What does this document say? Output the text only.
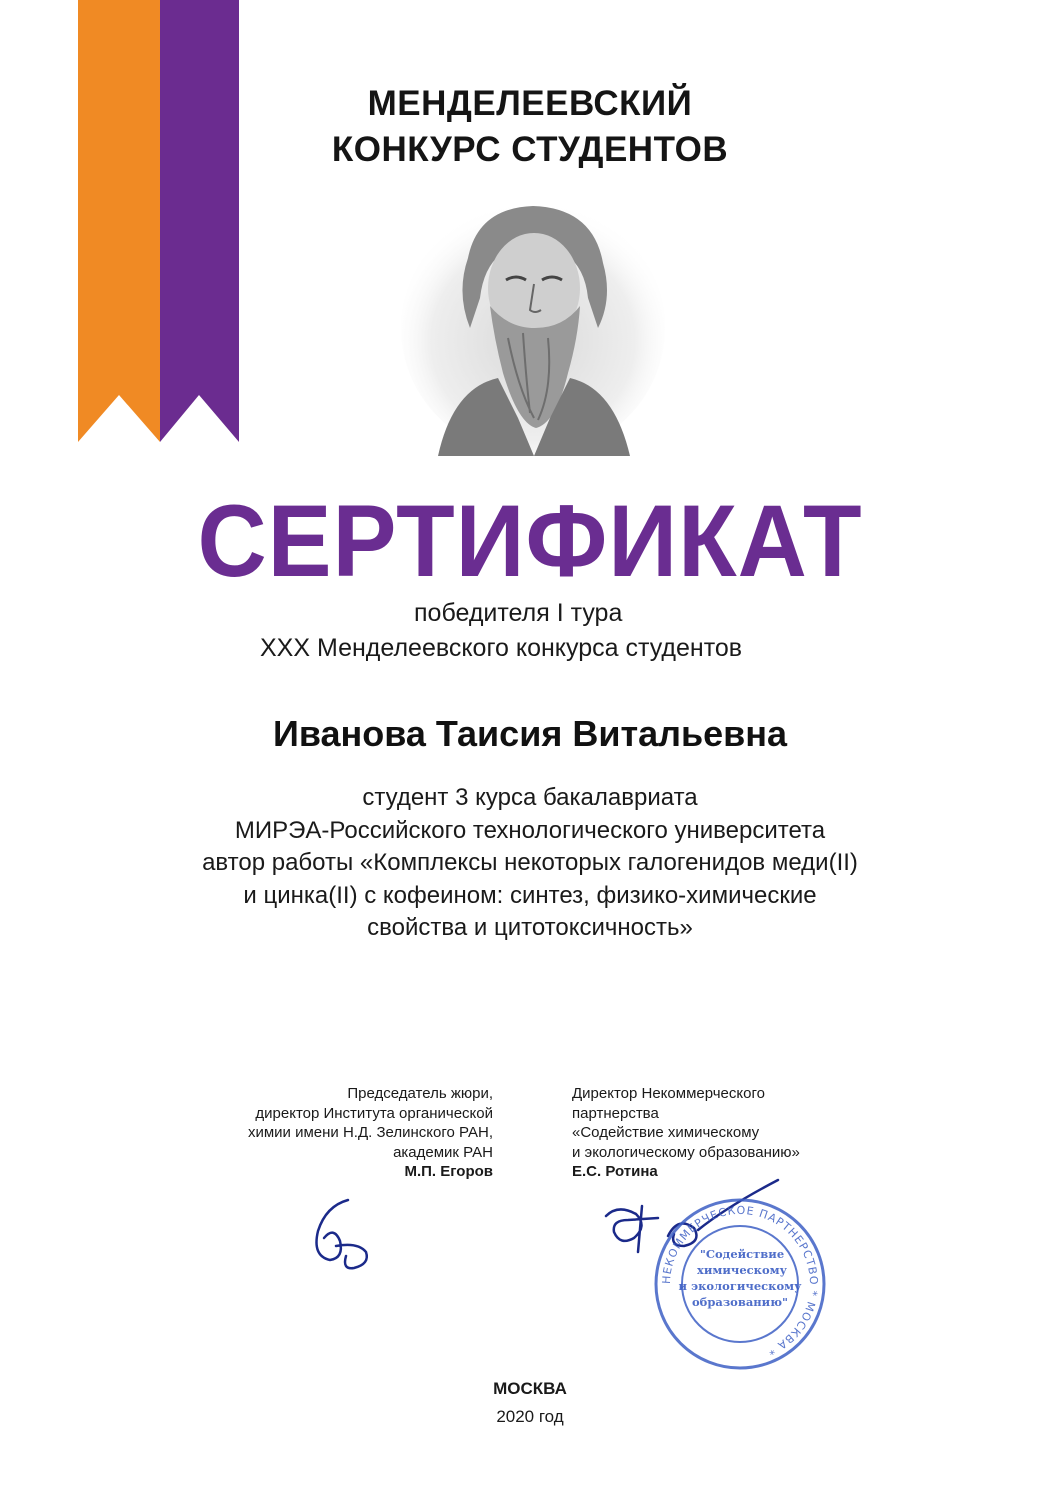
МЕНДЕЛЕЕВСКИЙ
КОНКУРС СТУДЕНТОВ
СЕРТИФИКАТ
победителя I тура
XXX Менделеевского конкурса студентов
Иванова Таисия Витальевна
студент 3 курса бакалавриата
МИРЭА-Российского технологического университета
автор работы «Комплексы некоторых галогенидов меди(II)
и цинка(II) с кофеином: синтез, физико-химические
свойства и цитотоксичность»
Председатель жюри,
директор Института органической
химии имени Н.Д. Зелинского РАН,
академик РАН
М.П. Егоров
Директор Некоммерческого
партнерства
«Содействие химическому
и экологическому образованию»
Е.С. Ротина
НЕКОММЕРЧЕСКОЕ ПАРТНЕРСТВО * МОСКВА *
"Содействие
химическому
и экологическому
образованию"
МОСКВА
2020 год
